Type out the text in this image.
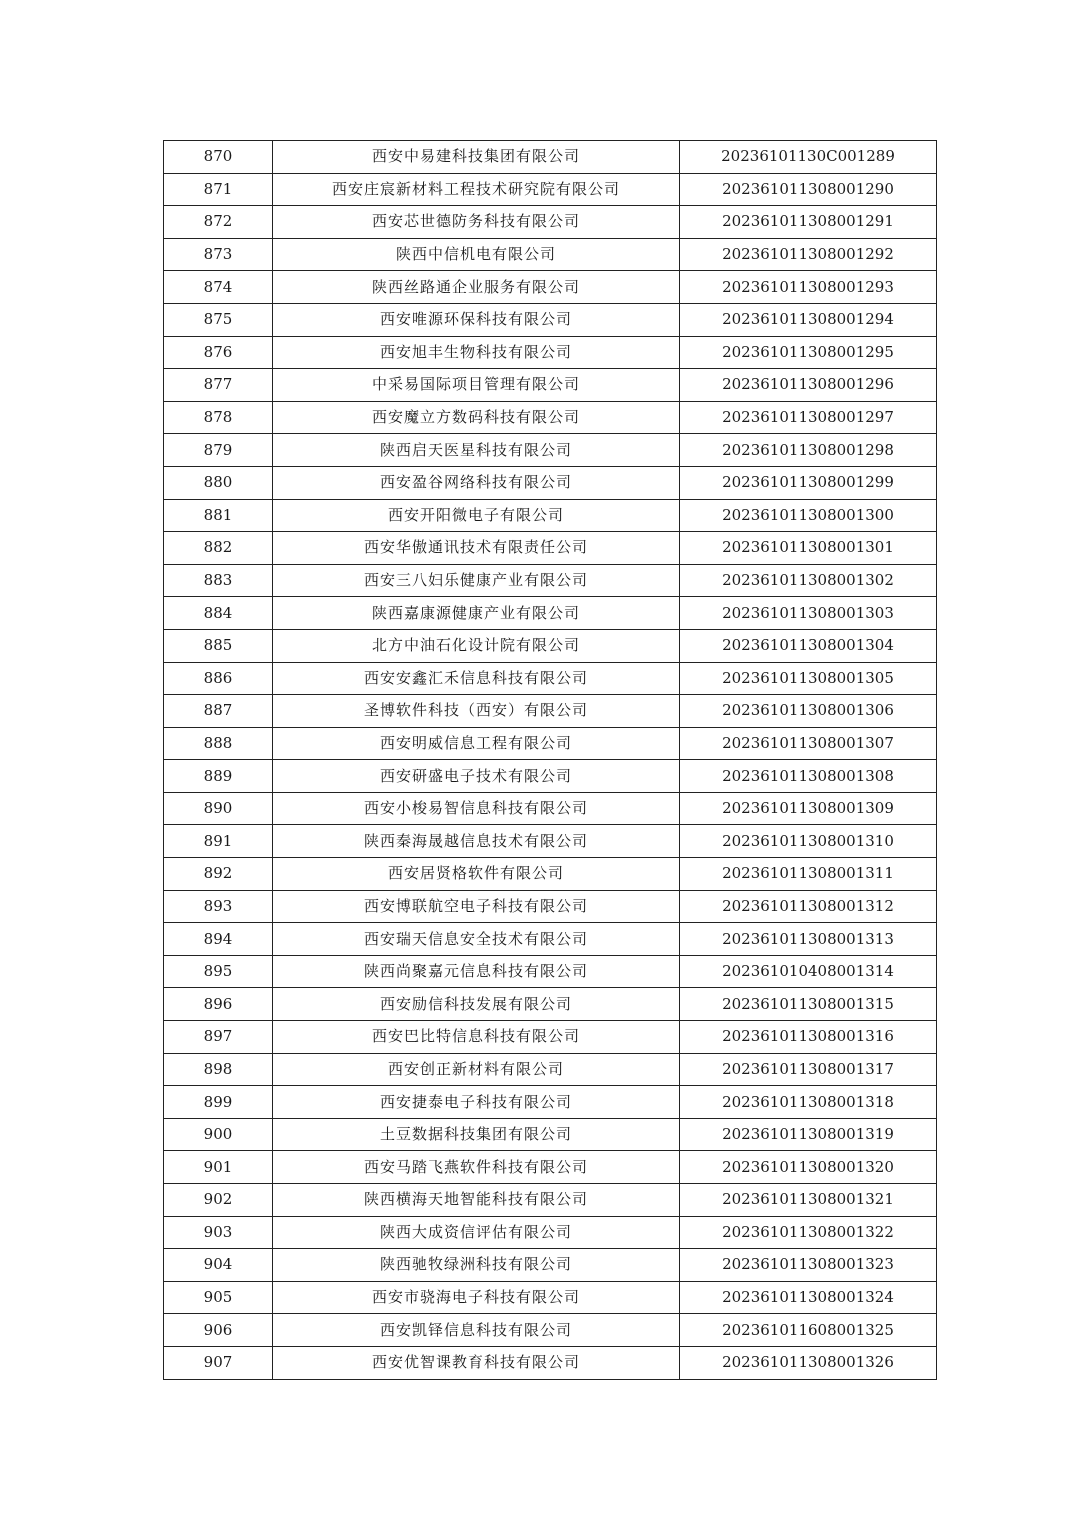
870	西安中易建科技集团有限公司	20236101130C001289
871	西安庄宸新材料工程技术研究院有限公司	202361011308001290
872	西安芯世德防务科技有限公司	202361011308001291
873	陕西中信机电有限公司	202361011308001292
874	陕西丝路通企业服务有限公司	202361011308001293
875	西安唯源环保科技有限公司	202361011308001294
876	西安旭丰生物科技有限公司	202361011308001295
877	中采易国际项目管理有限公司	202361011308001296
878	西安魔立方数码科技有限公司	202361011308001297
879	陕西启天医星科技有限公司	202361011308001298
880	西安盈谷网络科技有限公司	202361011308001299
881	西安开阳微电子有限公司	202361011308001300
882	西安华傲通讯技术有限责任公司	202361011308001301
883	西安三八妇乐健康产业有限公司	202361011308001302
884	陕西嘉康源健康产业有限公司	202361011308001303
885	北方中油石化设计院有限公司	202361011308001304
886	西安安鑫汇禾信息科技有限公司	202361011308001305
887	圣博软件科技（西安）有限公司	202361011308001306
888	西安明威信息工程有限公司	202361011308001307
889	西安研盛电子技术有限公司	202361011308001308
890	西安小梭易智信息科技有限公司	202361011308001309
891	陕西秦海晟越信息技术有限公司	202361011308001310
892	西安居贤格软件有限公司	202361011308001311
893	西安博联航空电子科技有限公司	202361011308001312
894	西安瑞天信息安全技术有限公司	202361011308001313
895	陕西尚聚嘉元信息科技有限公司	202361010408001314
896	西安励信科技发展有限公司	202361011308001315
897	西安巴比特信息科技有限公司	202361011308001316
898	西安创正新材料有限公司	202361011308001317
899	西安捷泰电子科技有限公司	202361011308001318
900	土豆数据科技集团有限公司	202361011308001319
901	西安马踏飞燕软件科技有限公司	202361011308001320
902	陕西横海天地智能科技有限公司	202361011308001321
903	陕西大成资信评估有限公司	202361011308001322
904	陕西驰牧绿洲科技有限公司	202361011308001323
905	西安市骁海电子科技有限公司	202361011308001324
906	西安凯铎信息科技有限公司	202361011608001325
907	西安优智课教育科技有限公司	202361011308001326
